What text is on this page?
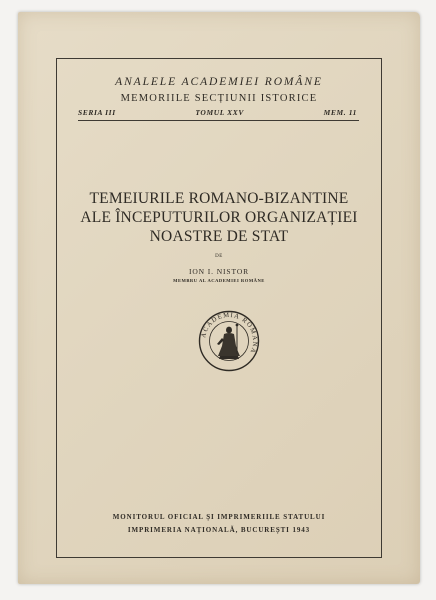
ANALELE ACADEMIEI ROMÂNE
MEMORIILE SECȚIUNII ISTORICE
SERIA III	TOMUL XXV	MEM. 11
TEMEIURILE ROMANO-BIZANTINE
ALE ÎNCEPUTURILOR ORGANIZAȚIEI
NOASTRE DE STAT
DE
ION I. NISTOR
MEMBRU AL ACADEMIEI ROMÂNE
ACADEMIA ROMANA
MONITORUL OFICIAL ȘI IMPRIMERIILE STATULUI
IMPRIMERIA NAȚIONALĂ, BUCUREȘTI 1943
